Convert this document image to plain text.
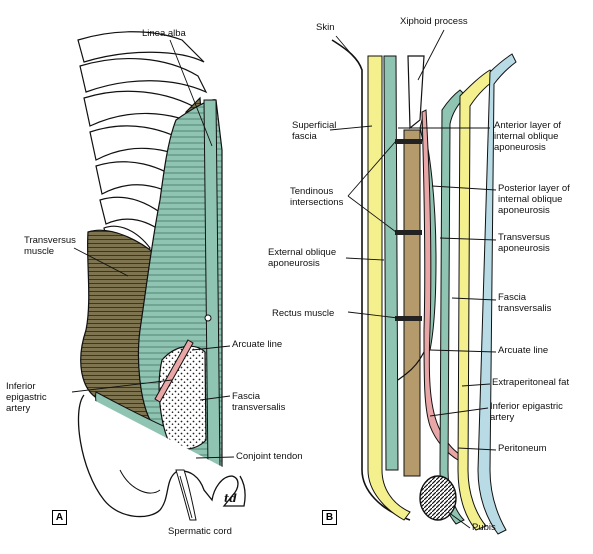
Linea alba
Transversus
muscle
Arcuate line
Inferior
epigastric
artery
Fascia
transversalis
Conjoint tendon
Spermatic cord
td
A
Skin
Xiphoid process
Superficial
fascia
Tendinous
intersections
External oblique
aponeurosis
Rectus muscle
Anterior layer of
internal oblique
aponeurosis
Posterior layer of
internal oblique
aponeurosis
Transversus
aponeurosis
Fascia
transversalis
Arcuate line
Extraperitoneal fat
Inferior epigastric
artery
Peritoneum
Pubis
B
